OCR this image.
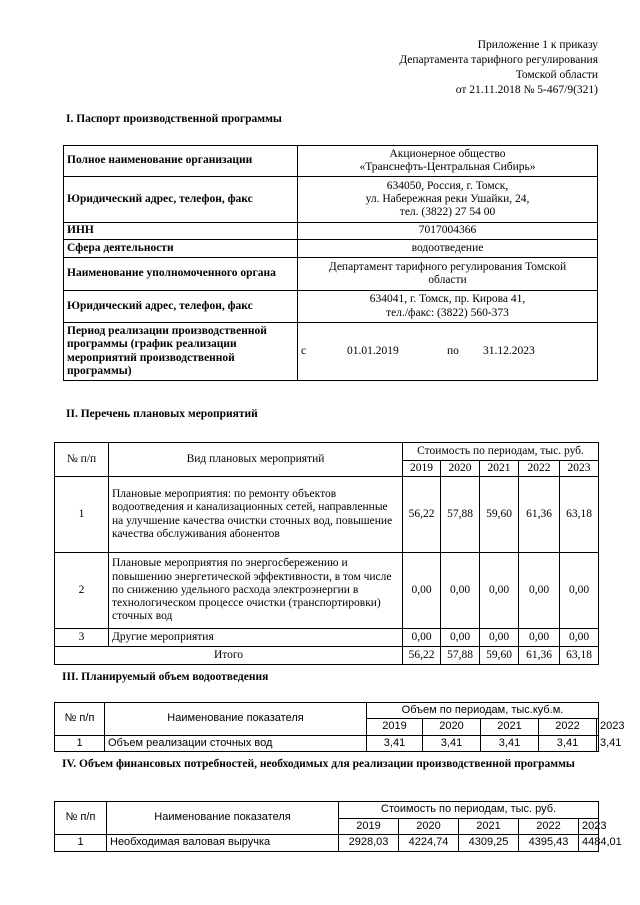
Приложение 1 к приказу
Департамента тарифного регулирования
Томской области
от 21.11.2018 № 5-467/9(321)
I. Паспорт производственной программы
Полное наименование организации	Акционерное общество
«Транснефть-Центральная Сибирь»

Юридический адрес, телефон, факс	634050, Россия, г. Томск,
ул. Набережная реки Ушайки, 24,
тел. (3822) 27 54 00

ИНН	7017004366
Сфера деятельности	водоотведение
Наименование уполномоченного органа	Департамент тарифного регулирования Томской
области

Юридический адрес, телефон, факс	634041, г. Томск, пр. Кирова 41,
тел./факс: (3822) 560-373

Период реализации производственной программы (график реализации мероприятий производственной программы)	с 01.01.2019 по 31.12.2023
II. Перечень плановых мероприятий
№ п/п	Вид плановых мероприятий	Стоимость по периодам, тыс. руб.				
		2019	2020	2021	2022	2023
1	Плановые мероприятия: по ремонту объектов водоотведения и канализационных сетей, направленные на улучшение качества очистки сточных вод, повышение качества обслуживания абонентов	56,22	57,88	59,60	61,36	63,18
2	Плановые мероприятия по энергосбережению и повышению энергетической эффективности, в том числе по снижению удельного расхода электроэнергии в технологическом процессе очистки (транспортировки) сточных вод	0,00	0,00	0,00	0,00	0,00
3	Другие мероприятия	0,00	0,00	0,00	0,00	0,00
Итого		56,22	57,88	59,60	61,36	63,18
III. Планируемый объем водоотведения
№ п/п	Наименование показателя	Объем по периодам, тыс.куб.м.				
		2019	2020	2021	2022	2023
1	Объем реализации сточных вод	3,41	3,41	3,41	3,41	3,41
IV. Объем финансовых потребностей, необходимых для реализации производственной программы
№ п/п	Наименование показателя	Стоимость по периодам, тыс. руб.				
		2019	2020	2021	2022	2023
1	Необходимая валовая выручка	2928,03	4224,74	4309,25	4395,43	4484,01
